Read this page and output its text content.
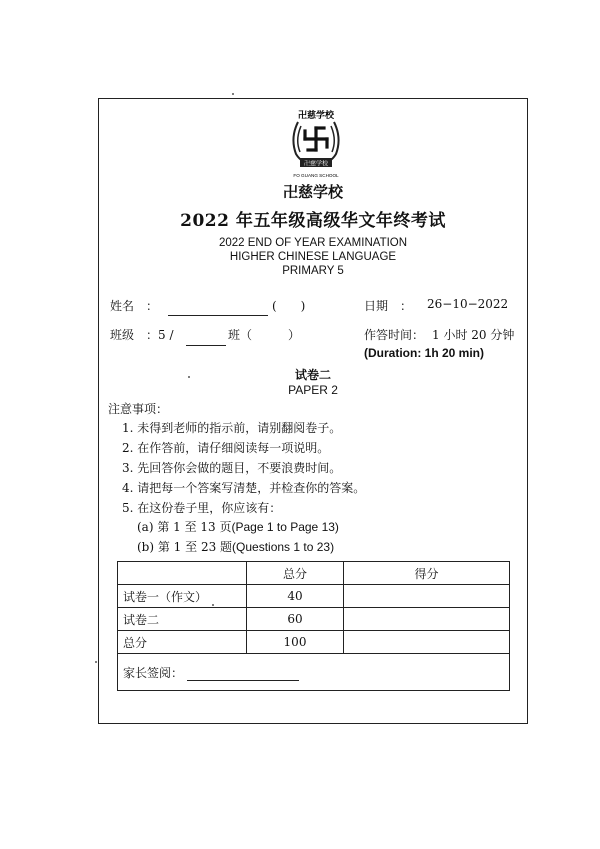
卍慈学校
卍慈学校
FO GUANG SCHOOL
卍慈学校
2022 年五年级高级华文年终考试
2022 END OF YEAR EXAMINATION
HIGHER CHINESE LANGUAGE
PRIMARY 5
姓名　：	(　　)	日期　： 26−10−2022
班级　：5 /	班（　　　）	作答时间： 1 小时 20 分钟
(Duration: 1h 20 min)
试卷二
PAPER 2
注意事项：
1. 未得到老师的指示前，请别翻阅卷子。
2. 在作答前，请仔细阅读每一项说明。
3. 先回答你会做的题目，不要浪费时间。
4. 请把每一个答案写清楚，并检查你的答案。
5. 在这份卷子里，你应该有：
(a) 第 1 至 13 页(Page 1 to Page 13)
(b) 第 1 至 23 题(Questions 1 to 23)
	总分	得分
试卷一（作文）	40	
试卷二	60	
总分	100	
家长签阅：		
